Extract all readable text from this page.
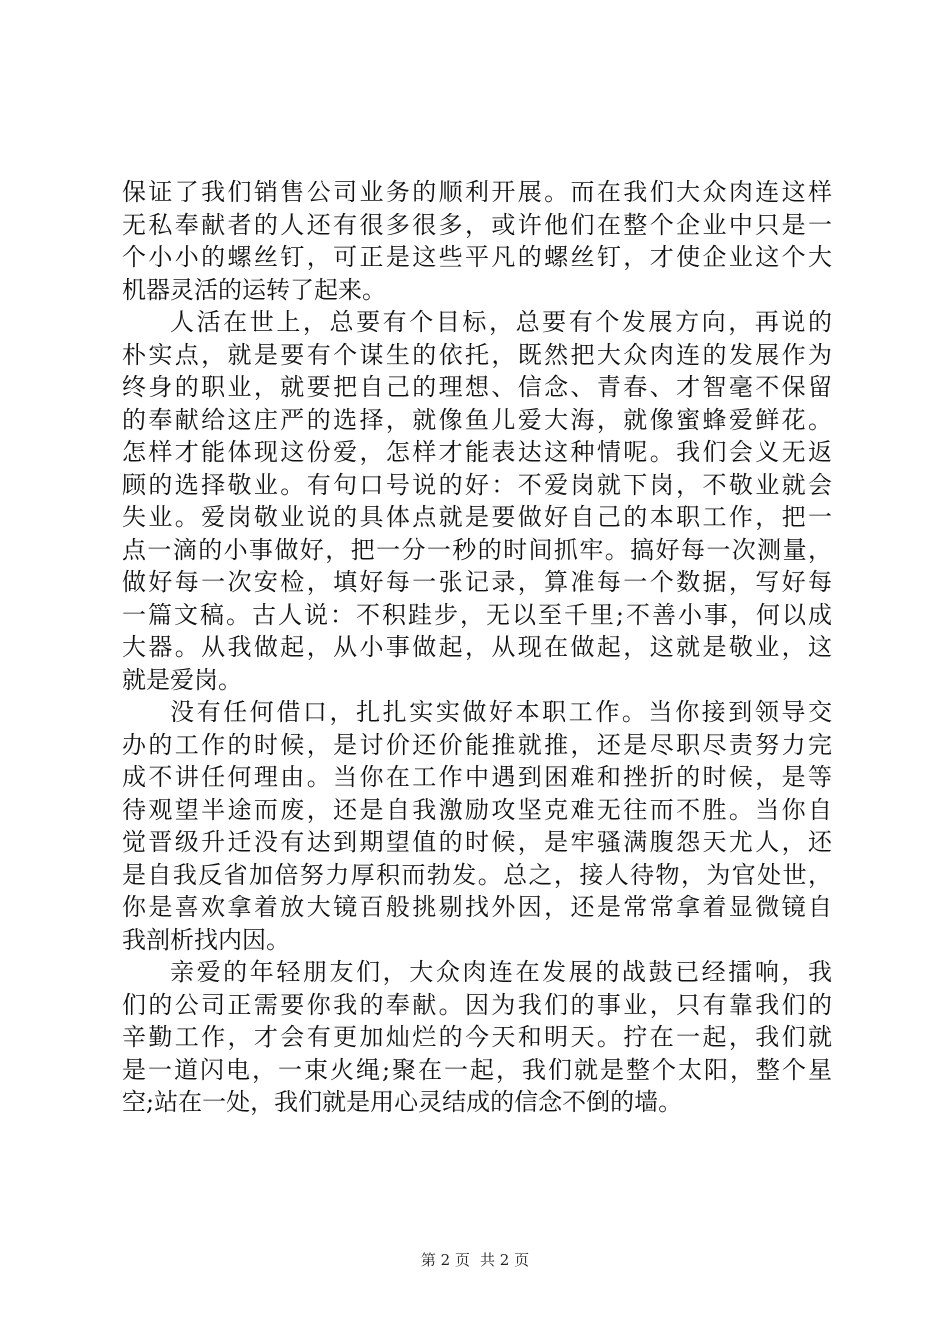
保证了我们销售公司业务的顺利开展。而在我们大众肉连这样
无私奉献者的人还有很多很多，或许他们在整个企业中只是一
个小小的螺丝钉，可正是这些平凡的螺丝钉，才使企业这个大
机器灵活的运转了起来。
人活在世上，总要有个目标，总要有个发展方向，再说的
朴实点，就是要有个谋生的依托，既然把大众肉连的发展作为
终身的职业，就要把自己的理想、信念、青春、才智毫不保留
的奉献给这庄严的选择，就像鱼儿爱大海，就像蜜蜂爱鲜花。
怎样才能体现这份爱，怎样才能表达这种情呢。我们会义无返
顾的选择敬业。有句口号说的好：不爱岗就下岗，不敬业就会
失业。爱岗敬业说的具体点就是要做好自己的本职工作，把一
点一滴的小事做好，把一分一秒的时间抓牢。搞好每一次测量，
做好每一次安检，填好每一张记录，算准每一个数据，写好每
一篇文稿。古人说：不积跬步，无以至千里;不善小事，何以成
大器。从我做起，从小事做起，从现在做起，这就是敬业，这
就是爱岗。
没有任何借口，扎扎实实做好本职工作。当你接到领导交
办的工作的时候，是讨价还价能推就推，还是尽职尽责努力完
成不讲任何理由。当你在工作中遇到困难和挫折的时候，是等
待观望半途而废，还是自我激励攻坚克难无往而不胜。当你自
觉晋级升迁没有达到期望值的时候，是牢骚满腹怨天尤人，还
是自我反省加倍努力厚积而勃发。总之，接人待物，为官处世，
你是喜欢拿着放大镜百般挑剔找外因，还是常常拿着显微镜自
我剖析找内因。
亲爱的年轻朋友们，大众肉连在发展的战鼓已经擂响，我
们的公司正需要你我的奉献。因为我们的事业，只有靠我们的
辛勤工作，才会有更加灿烂的今天和明天。拧在一起，我们就
是一道闪电，一束火绳;聚在一起，我们就是整个太阳，整个星
空;站在一处，我们就是用心灵结成的信念不倒的墙。
第 2 页 共 2 页
